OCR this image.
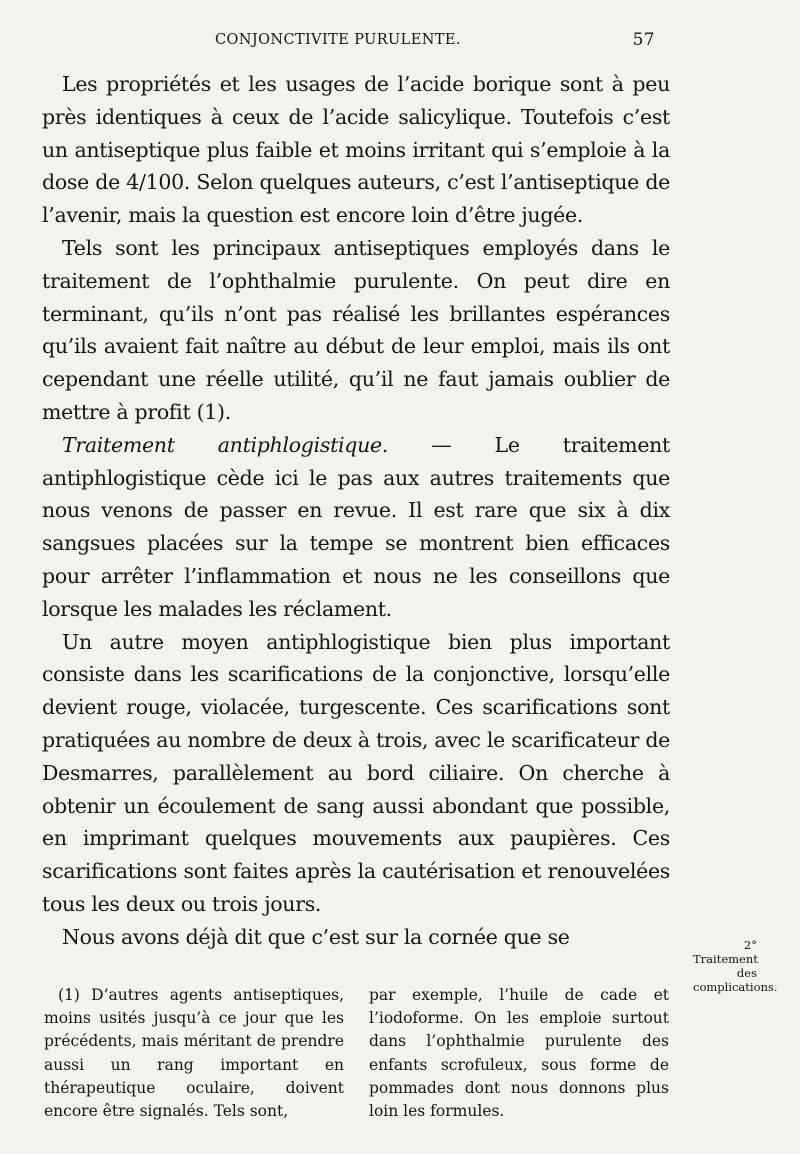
CONJONCTIVITE PURULENTE.	57

Les propriétés et les usages de l’acide borique sont à peu près identiques à ceux de l’acide salicylique. Toutefois c’est un antiseptique plus faible et moins irritant qui s’emploie à la dose de 4/100. Selon quelques auteurs, c’est l’antiseptique de l’avenir, mais la question est encore loin d’être jugée.

Tels sont les principaux antiseptiques employés dans le traitement de l’ophthalmie purulente. On peut dire en terminant, qu’ils n’ont pas réalisé les brillantes espérances qu’ils avaient fait naître au début de leur emploi, mais ils ont cependant une réelle utilité, qu’il ne faut jamais oublier de mettre à profit (1).

Traitement antiphlogistique. — Le traitement antiphlogistique cède ici le pas aux autres traitements que nous venons de passer en revue. Il est rare que six à dix sangsues placées sur la tempe se montrent bien efficaces pour arrêter l’inflammation et nous ne les conseillons que lorsque les malades les réclament.

Un autre moyen antiphlogistique bien plus important consiste dans les scarifications de la conjonctive, lorsqu’elle devient rouge, violacée, turgescente. Ces scarifications sont pratiquées au nombre de deux à trois, avec le scarificateur de Desmarres, parallèlement au bord ciliaire. On cherche à obtenir un écoulement de sang aussi abondant que possible, en imprimant quelques mouvements aux paupières. Ces scarifications sont faites après la cautérisation et renouvelées tous les deux ou trois jours.

Nous avons déjà dit que c’est sur la cornée que se	2° Traitement des complications.

(1) D’autres agents antiseptiques, moins usités jusqu’à ce jour que les précédents, mais méritant de prendre aussi un rang important en thérapeutique oculaire, doivent encore être signalés. Tels sont,

par exemple, l’huile de cade et l’iodoforme. On les emploie surtout dans l’ophthalmie purulente des enfants scrofuleux, sous forme de pommades dont nous donnons plus loin les formules.
